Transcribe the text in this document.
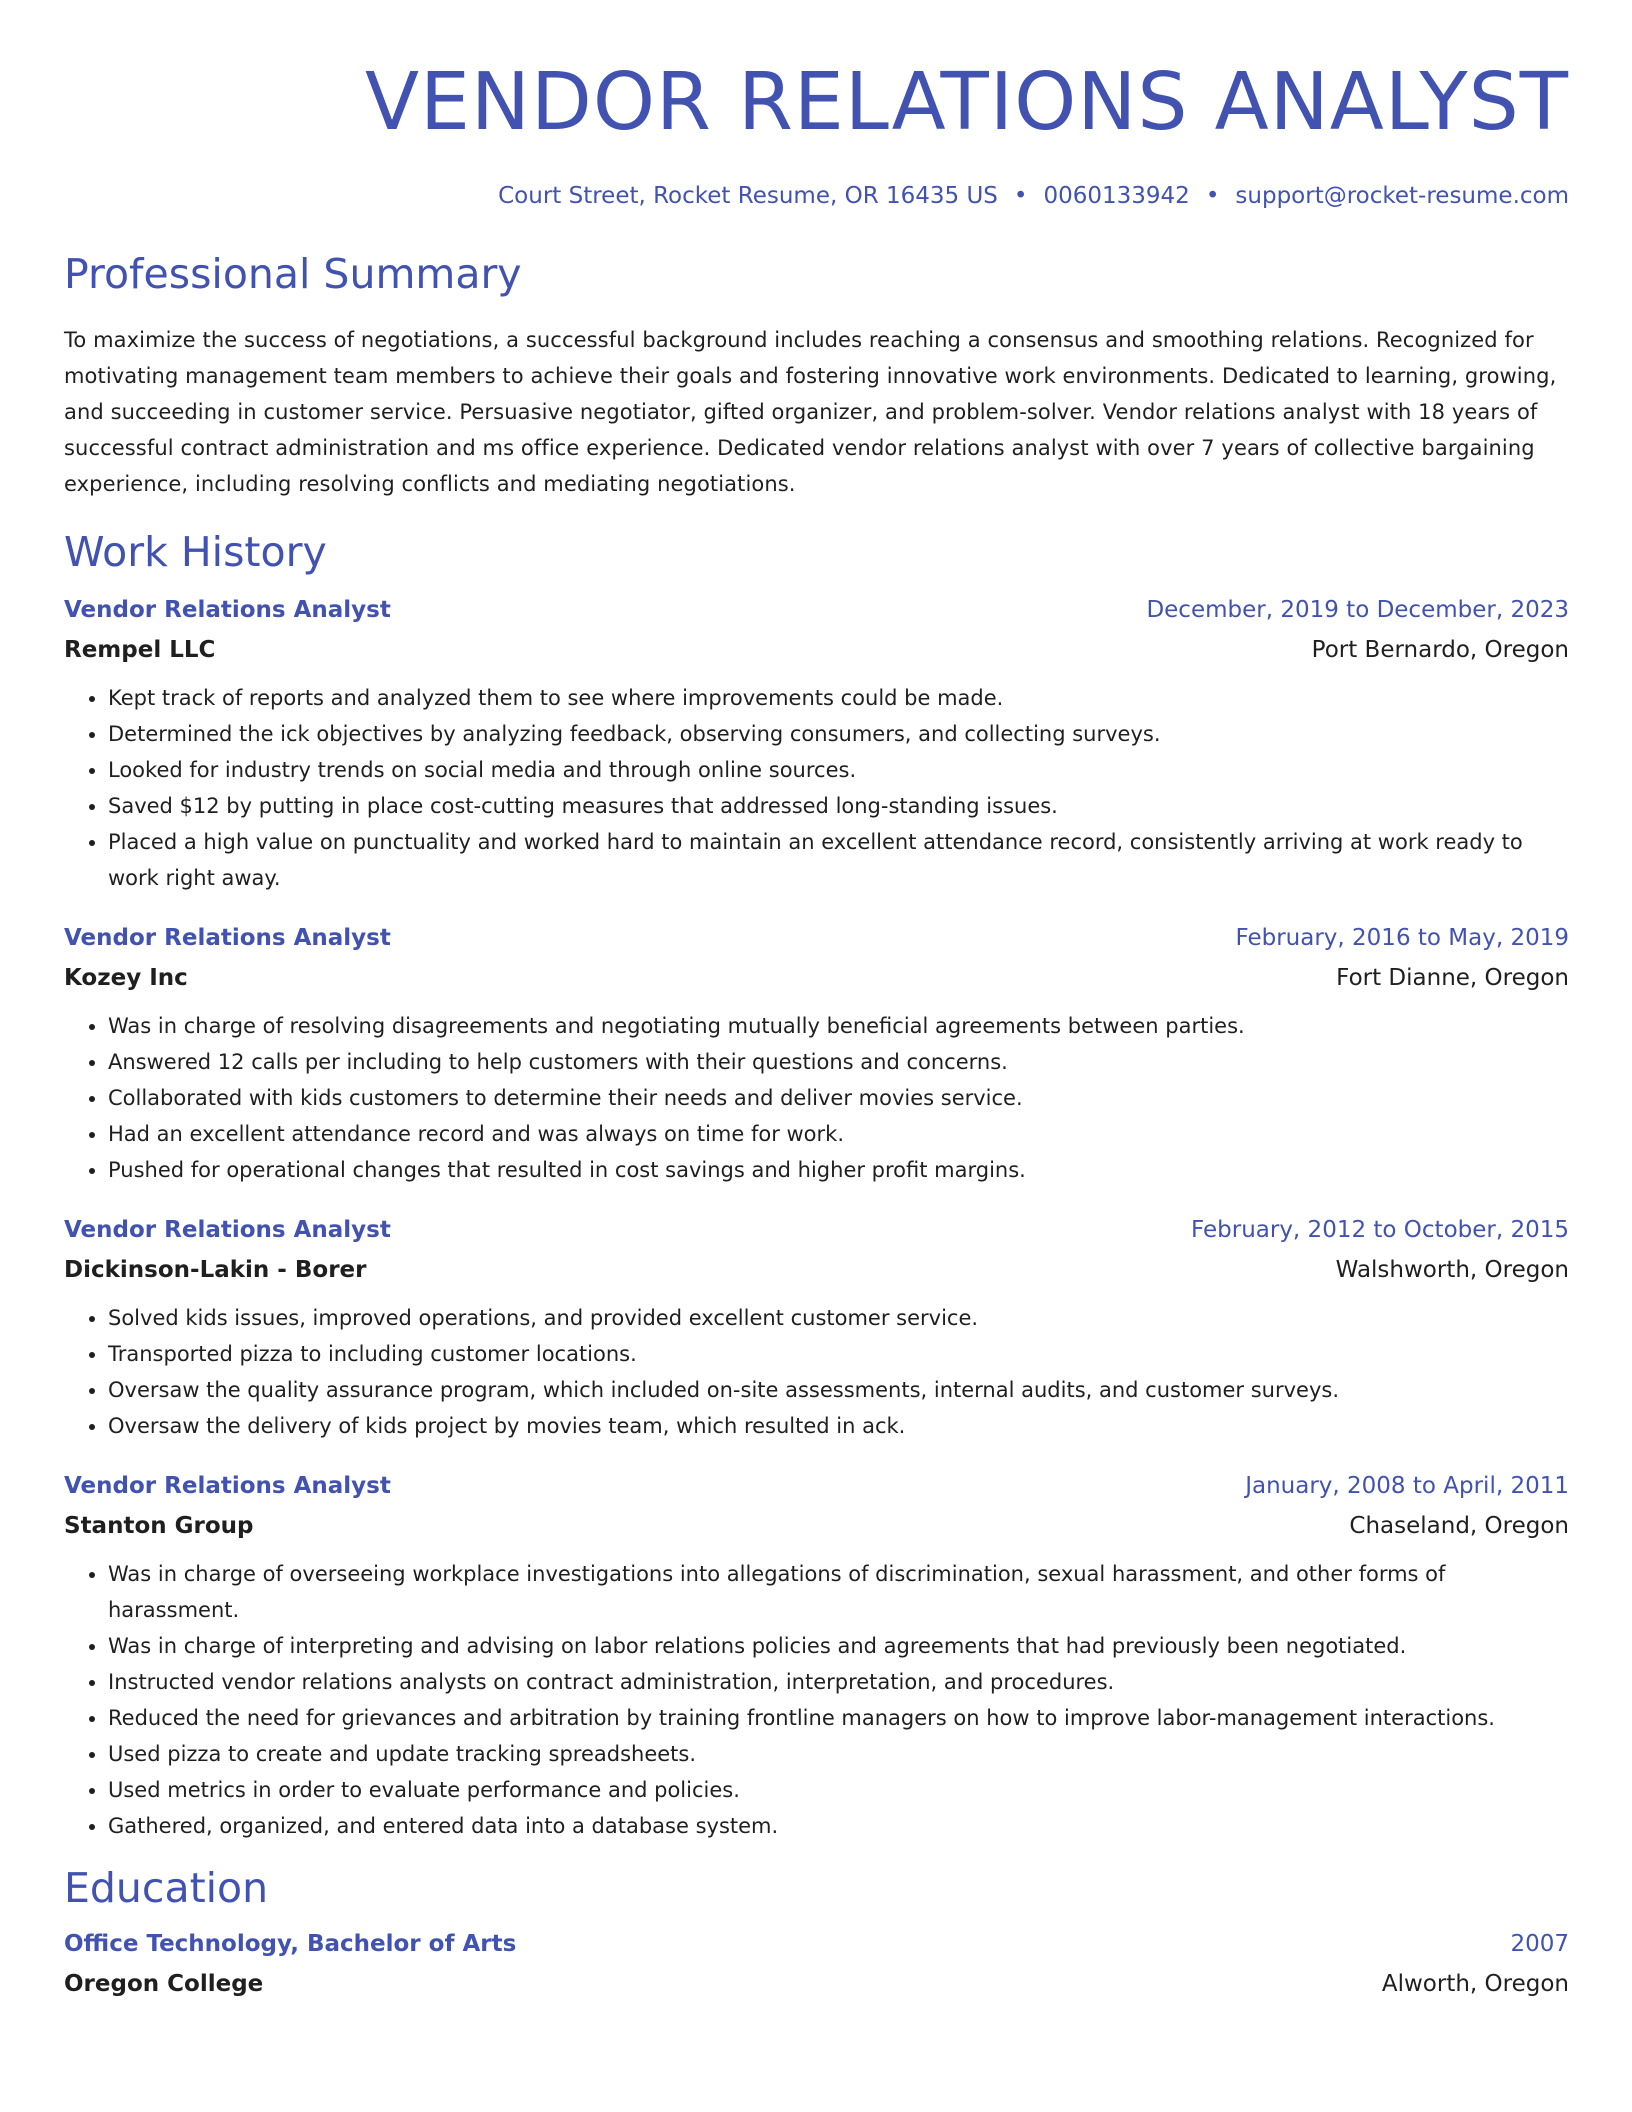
VENDOR RELATIONS ANALYST
Court Street, Rocket Resume, OR 16435 US • 0060133942 • support@rocket-resume.com
Professional Summary
To maximize the success of negotiations, a successful background includes reaching a consensus and smoothing relations. Recognized for motivating management team members to achieve their goals and fostering innovative work environments. Dedicated to learning, growing, and succeeding in customer service. Persuasive negotiator, gifted organizer, and problem-solver. Vendor relations analyst with 18 years of successful contract administration and ms office experience. Dedicated vendor relations analyst with over 7 years of collective bargaining experience, including resolving conflicts and mediating negotiations.
Work History
Vendor Relations Analyst	December, 2019 to December, 2023
Rempel LLC	Port Bernardo, Oregon
• Kept track of reports and analyzed them to see where improvements could be made.
• Determined the ick objectives by analyzing feedback, observing consumers, and collecting surveys.
• Looked for industry trends on social media and through online sources.
• Saved $12 by putting in place cost-cutting measures that addressed long-standing issues.
• Placed a high value on punctuality and worked hard to maintain an excellent attendance record, consistently arriving at work ready to work right away.
Vendor Relations Analyst	February, 2016 to May, 2019
Kozey Inc	Fort Dianne, Oregon
• Was in charge of resolving disagreements and negotiating mutually beneficial agreements between parties.
• Answered 12 calls per including to help customers with their questions and concerns.
• Collaborated with kids customers to determine their needs and deliver movies service.
• Had an excellent attendance record and was always on time for work.
• Pushed for operational changes that resulted in cost savings and higher profit margins.
Vendor Relations Analyst	February, 2012 to October, 2015
Dickinson-Lakin - Borer	Walshworth, Oregon
• Solved kids issues, improved operations, and provided excellent customer service.
• Transported pizza to including customer locations.
• Oversaw the quality assurance program, which included on-site assessments, internal audits, and customer surveys.
• Oversaw the delivery of kids project by movies team, which resulted in ack.
Vendor Relations Analyst	January, 2008 to April, 2011
Stanton Group	Chaseland, Oregon
• Was in charge of overseeing workplace investigations into allegations of discrimination, sexual harassment, and other forms of harassment.
• Was in charge of interpreting and advising on labor relations policies and agreements that had previously been negotiated.
• Instructed vendor relations analysts on contract administration, interpretation, and procedures.
• Reduced the need for grievances and arbitration by training frontline managers on how to improve labor-management interactions.
• Used pizza to create and update tracking spreadsheets.
• Used metrics in order to evaluate performance and policies.
• Gathered, organized, and entered data into a database system.
Education
Office Technology, Bachelor of Arts	2007
Oregon College	Alworth, Oregon
